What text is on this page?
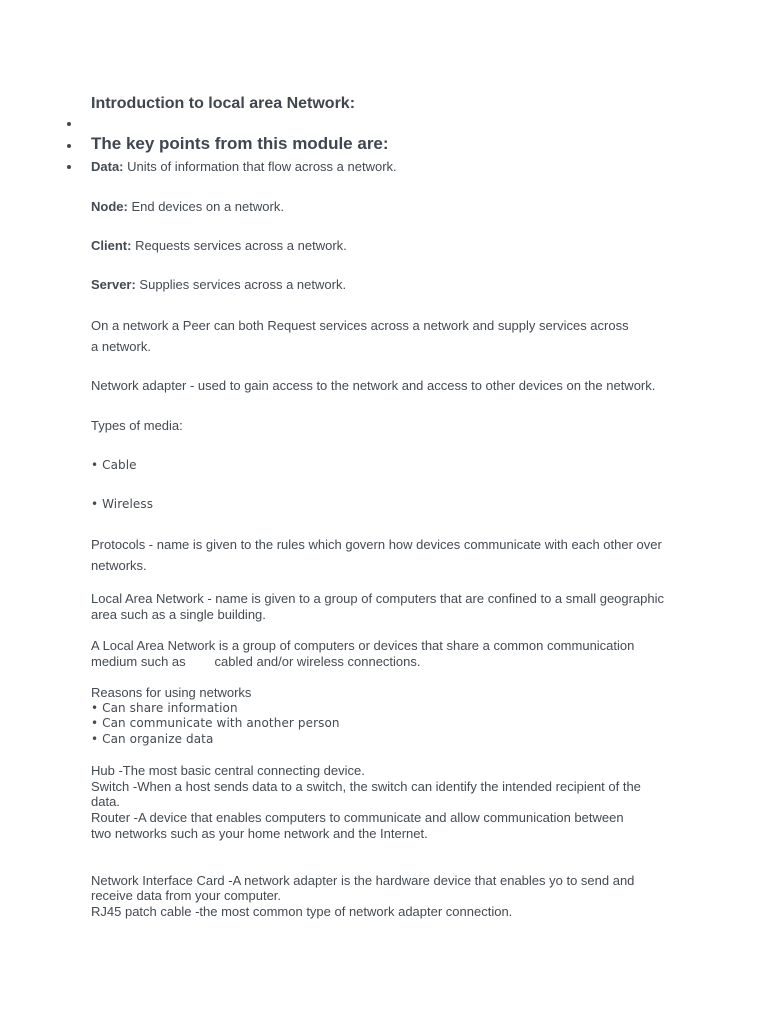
Introduction to local area Network:
The key points from this module are:
Data: Units of information that flow across a network.
Node: End devices on a network.
Client: Requests services across a network.
Server: Supplies services across a network.
On a network a Peer can both Request services across a network and supply services across
a network.
Network adapter - used to gain access to the network and access to other devices on the network.
Types of media:
• Cable
• Wireless
Protocols - name is given to the rules which govern how devices communicate with each other over
networks.
Local Area Network - name is given to a group of computers that are confined to a small geographic
area such as a single building.
A Local Area Network is a group of computers or devices that share a common communication
medium such as        cabled and/or wireless connections.
Reasons for using networks
• Can share information
• Can communicate with another person
• Can organize data
Hub -The most basic central connecting device.
Switch -When a host sends data to a switch, the switch can identify the intended recipient of the
data.
Router -A device that enables computers to communicate and allow communication between
two networks such as your home network and the Internet.
Network Interface Card -A network adapter is the hardware device that enables yo to send and
receive data from your computer.
RJ45 patch cable -the most common type of network adapter connection.
